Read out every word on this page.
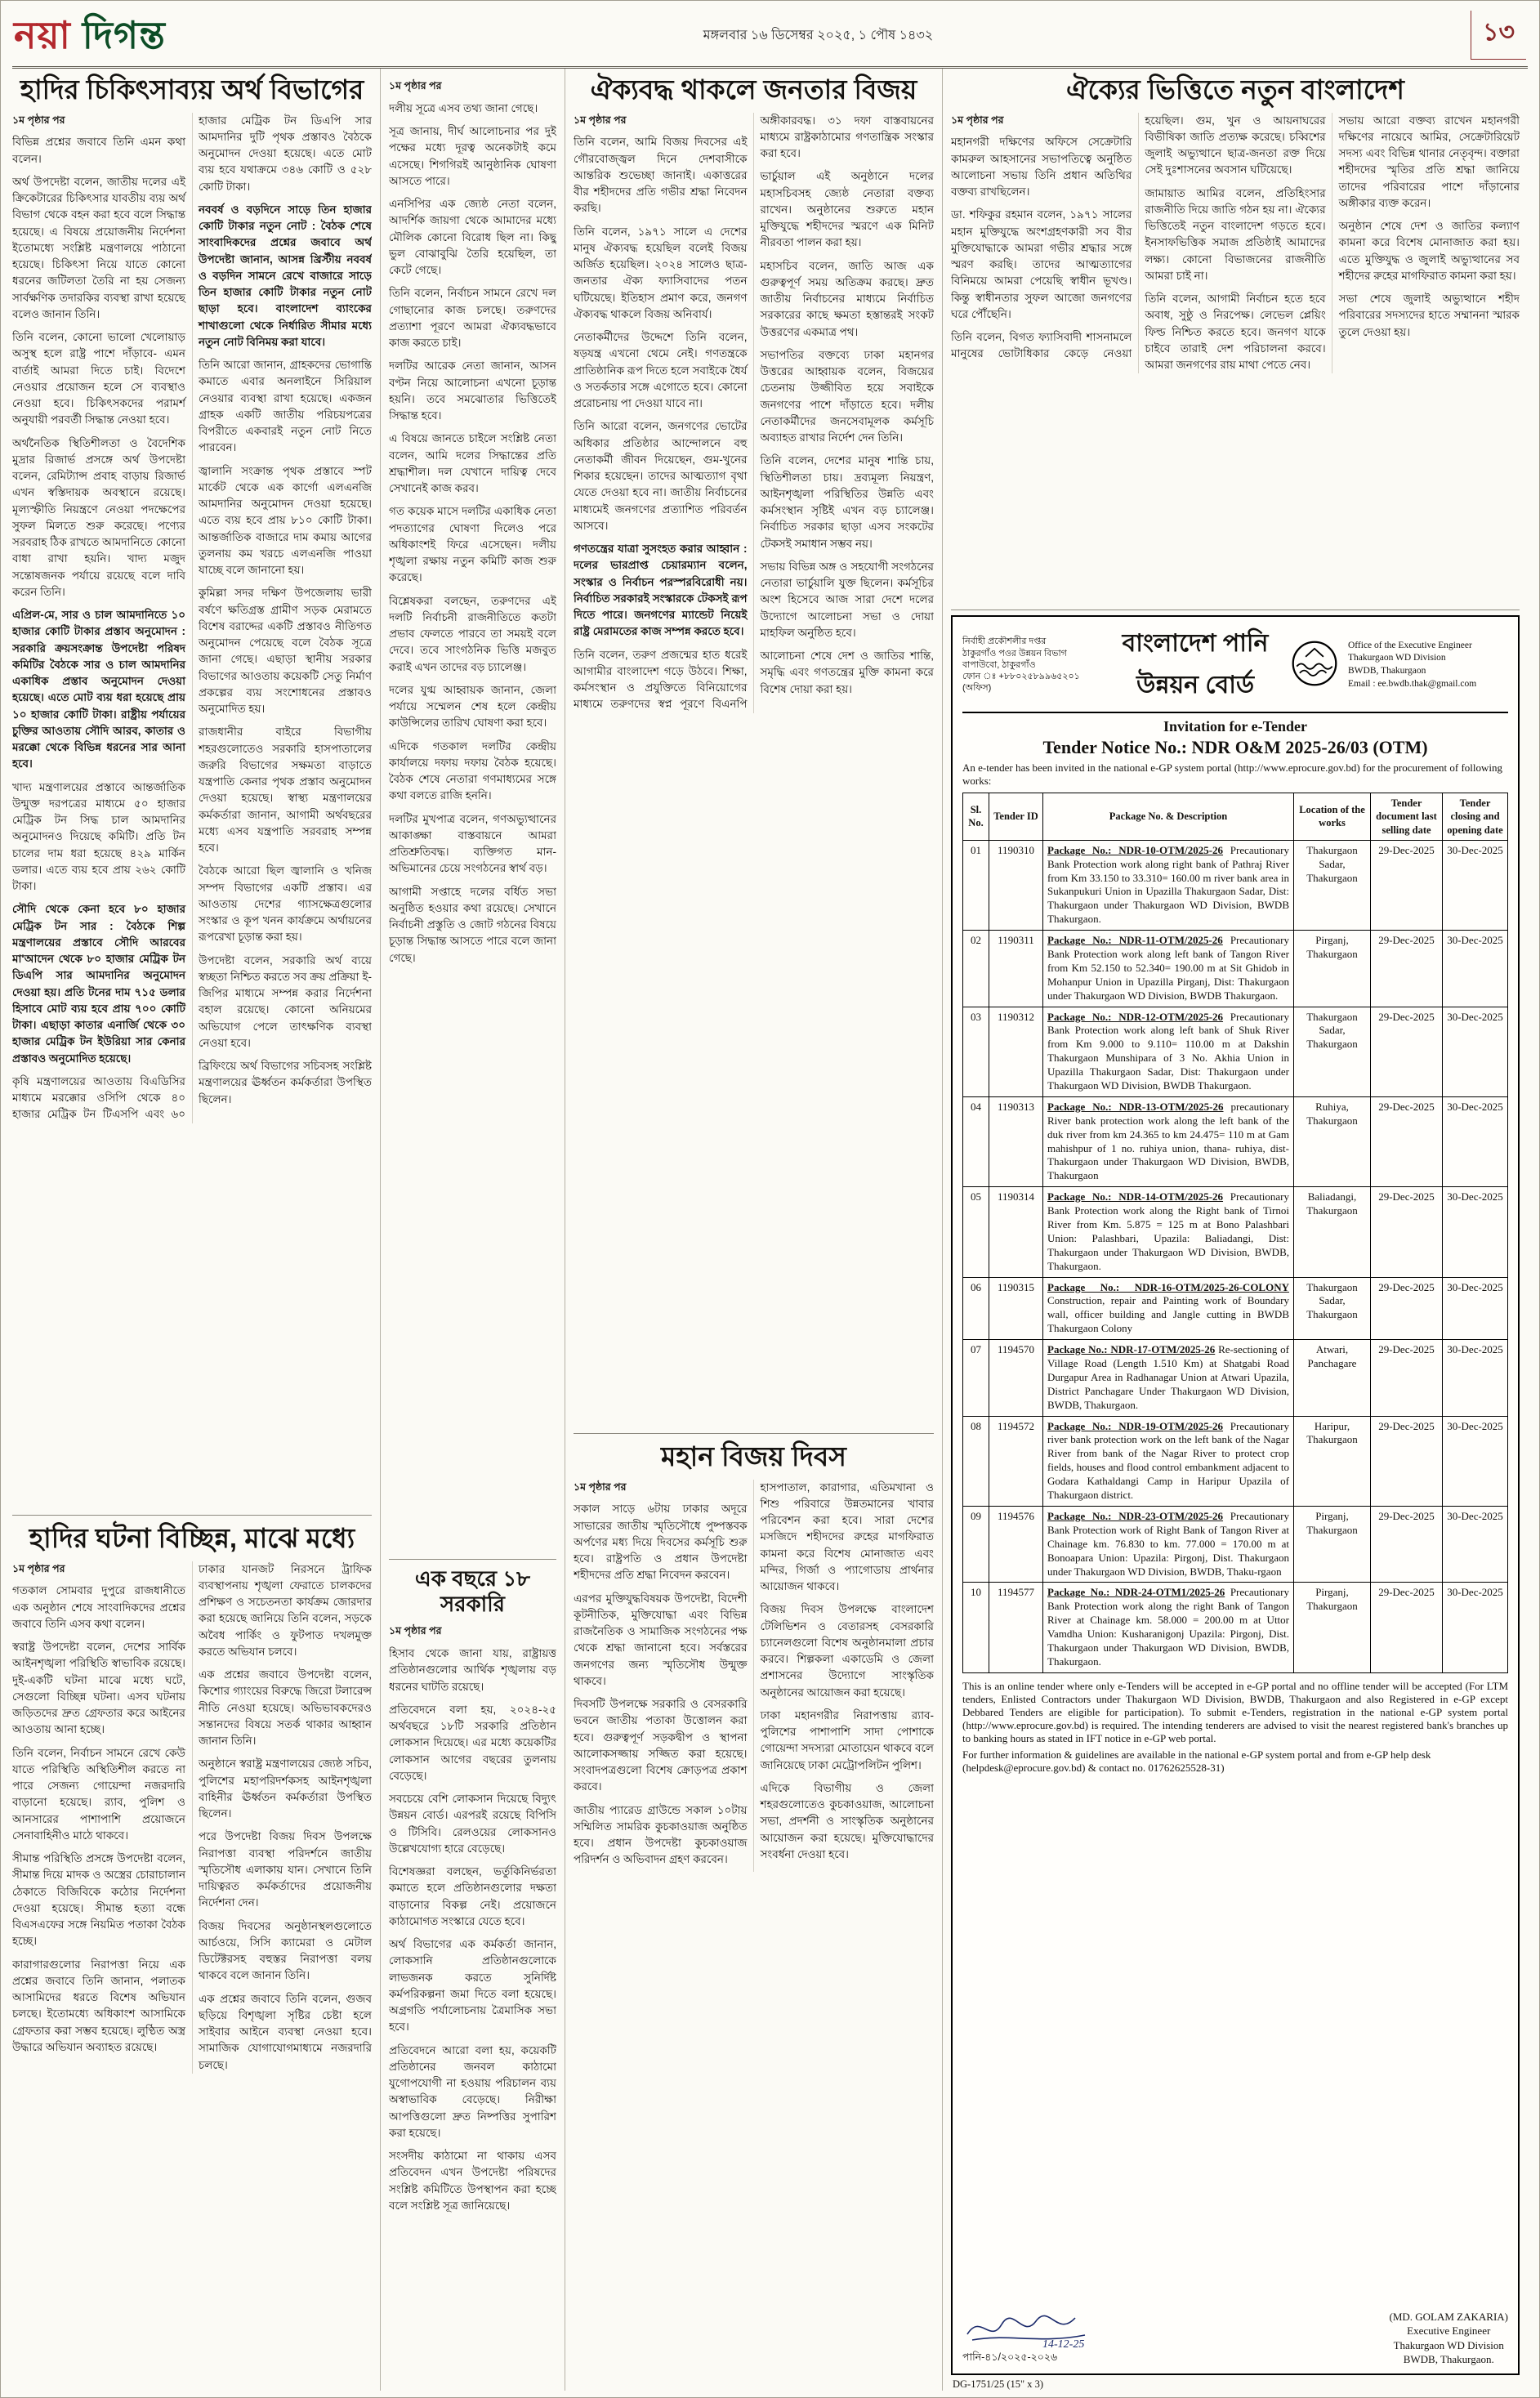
নয়া দিগন্ত	মঙ্গলবার ১৬ ডিসেম্বর ২০২৫, ১ পৌষ ১৪৩২	১৩
হাদির চিকিৎসাব্যয় অর্থ বিভাগের

১ম পৃষ্ঠার পর

বিভিন্ন প্রশ্নের জবাবে তিনি এমন কথা বলেন।

অর্থ উপদেষ্টা বলেন, জাতীয় দলের এই ক্রিকেটারের চিকিৎসার যাবতীয় ব্যয় অর্থ বিভাগ থেকে বহন করা হবে বলে সিদ্ধান্ত হয়েছে। এ বিষয়ে প্রয়োজনীয় নির্দেশনা ইতোমধ্যে সংশ্লিষ্ট মন্ত্রণালয়ে পাঠানো হয়েছে। চিকিৎসা নিয়ে যাতে কোনো ধরনের জটিলতা তৈরি না হয় সেজন্য সার্বক্ষণিক তদারকির ব্যবস্থা রাখা হয়েছে বলেও জানান তিনি।

তিনি বলেন, কোনো ভালো খেলোয়াড় অসুস্থ হলে রাষ্ট্র পাশে দাঁড়াবে- এমন বার্তাই আমরা দিতে চাই। বিদেশে নেওয়ার প্রয়োজন হলে সে ব্যবস্থাও নেওয়া হবে। চিকিৎসকদের পরামর্শ অনুযায়ী পরবর্তী সিদ্ধান্ত নেওয়া হবে।

অর্থনৈতিক স্থিতিশীলতা ও বৈদেশিক মুদ্রার রিজার্ভ প্রসঙ্গে অর্থ উপদেষ্টা বলেন, রেমিট্যান্স প্রবাহ বাড়ায় রিজার্ভ এখন স্বস্তিদায়ক অবস্থানে রয়েছে। মূল্যস্ফীতি নিয়ন্ত্রণে নেওয়া পদক্ষেপের সুফল মিলতে শুরু করেছে। পণ্যের সরবরাহ ঠিক রাখতে আমদানিতে কোনো বাধা রাখা হয়নি। খাদ্য মজুদ সন্তোষজনক পর্যায়ে রয়েছে বলে দাবি করেন তিনি।

এপ্রিল-মে, সার ও চাল আমদানিতে ১০ হাজার কোটি টাকার প্রস্তাব অনুমোদন : সরকারি ক্রয়সংক্রান্ত উপদেষ্টা পরিষদ কমিটির বৈঠকে সার ও চাল আমদানির একাধিক প্রস্তাব অনুমোদন দেওয়া হয়েছে। এতে মোট ব্যয় ধরা হয়েছে প্রায় ১০ হাজার কোটি টাকা। রাষ্ট্রীয় পর্যায়ের চুক্তির আওতায় সৌদি আরব, কাতার ও মরক্কো থেকে বিভিন্ন ধরনের সার আনা হবে।

খাদ্য মন্ত্রণালয়ের প্রস্তাবে আন্তর্জাতিক উন্মুক্ত দরপত্রের মাধ্যমে ৫০ হাজার মেট্রিক টন সিদ্ধ চাল আমদানির অনুমোদনও দিয়েছে কমিটি। প্রতি টন চালের দাম ধরা হয়েছে ৪২৯ মার্কিন ডলার। এতে ব্যয় হবে প্রায় ২৬২ কোটি টাকা।

সৌদি থেকে কেনা হবে ৮০ হাজার মেট্রিক টন সার : বৈঠকে শিল্প মন্ত্রণালয়ের প্রস্তাবে সৌদি আরবের মা'আদেন থেকে ৮০ হাজার মেট্রিক টন ডিএপি সার আমদানির অনুমোদন দেওয়া হয়। প্রতি টনের দাম ৭১৫ ডলার হিসাবে মোট ব্যয় হবে প্রায় ৭০০ কোটি টাকা। এছাড়া কাতার এনার্জি থেকে ৩০ হাজার মেট্রিক টন ইউরিয়া সার কেনার প্রস্তাবও অনুমোদিত হয়েছে।

কৃষি মন্ত্রণালয়ের আওতায় বিএডিসির মাধ্যমে মরক্কোর ওসিপি থেকে ৪০ হাজার মেট্রিক টন টিএসপি এবং ৬০ হাজার মেট্রিক টন ডিএপি সার আমদানির দুটি পৃথক প্রস্তাবও বৈঠকে অনুমোদন দেওয়া হয়েছে। এতে মোট ব্যয় হবে যথাক্রমে ৩৪৬ কোটি ও ৫২৮ কোটি টাকা।

নববর্ষ ও বড়দিনে সাড়ে তিন হাজার কোটি টাকার নতুন নোট : বৈঠক শেষে সাংবাদিকদের প্রশ্নের জবাবে অর্থ উপদেষ্টা জানান, আসন্ন খ্রিস্টীয় নববর্ষ ও বড়দিন সামনে রেখে বাজারে সাড়ে তিন হাজার কোটি টাকার নতুন নোট ছাড়া হবে। বাংলাদেশ ব্যাংকের শাখাগুলো থেকে নির্ধারিত সীমার মধ্যে নতুন নোট বিনিময় করা যাবে।

তিনি আরো জানান, গ্রাহকদের ভোগান্তি কমাতে এবার অনলাইনে সিরিয়াল নেওয়ার ব্যবস্থা রাখা হয়েছে। একজন গ্রাহক একটি জাতীয় পরিচয়পত্রের বিপরীতে একবারই নতুন নোট নিতে পারবেন।

জ্বালানি সংক্রান্ত পৃথক প্রস্তাবে স্পট মার্কেট থেকে এক কার্গো এলএনজি আমদানির অনুমোদন দেওয়া হয়েছে। এতে ব্যয় হবে প্রায় ৮১০ কোটি টাকা। আন্তর্জাতিক বাজারে দাম কমায় আগের তুলনায় কম খরচে এলএনজি পাওয়া যাচ্ছে বলে জানানো হয়।

কুমিল্লা সদর দক্ষিণ উপজেলায় ভারী বর্ষণে ক্ষতিগ্রস্ত গ্রামীণ সড়ক মেরামতে বিশেষ বরাদ্দের একটি প্রস্তাবও নীতিগত অনুমোদন পেয়েছে বলে বৈঠক সূত্রে জানা গেছে। এছাড়া স্থানীয় সরকার বিভাগের আওতায় কয়েকটি সেতু নির্মাণ প্রকল্পের ব্যয় সংশোধনের প্রস্তাবও অনুমোদিত হয়।

রাজধানীর বাইরে বিভাগীয় শহরগুলোতেও সরকারি হাসপাতালের জরুরি বিভাগের সক্ষমতা বাড়াতে যন্ত্রপাতি কেনার পৃথক প্রস্তাব অনুমোদন দেওয়া হয়েছে। স্বাস্থ্য মন্ত্রণালয়ের কর্মকর্তারা জানান, আগামী অর্থবছরের মধ্যে এসব যন্ত্রপাতি সরবরাহ সম্পন্ন হবে।

বৈঠকে আরো ছিল জ্বালানি ও খনিজ সম্পদ বিভাগের একটি প্রস্তাব। এর আওতায় দেশের গ্যাসক্ষেত্রগুলোর সংস্কার ও কূপ খনন কার্যক্রমে অর্থায়নের রূপরেখা চূড়ান্ত করা হয়।

উপদেষ্টা বলেন, সরকারি অর্থ ব্যয়ে স্বচ্ছতা নিশ্চিত করতে সব ক্রয় প্রক্রিয়া ই-জিপির মাধ্যমে সম্পন্ন করার নির্দেশনা বহাল রয়েছে। কোনো অনিয়মের অভিযোগ পেলে তাৎক্ষণিক ব্যবস্থা নেওয়া হবে।

ব্রিফিংয়ে অর্থ বিভাগের সচিবসহ সংশ্লিষ্ট মন্ত্রণালয়ের ঊর্ধ্বতন কর্মকর্তারা উপস্থিত ছিলেন।

হাদির ঘটনা বিচ্ছিন্ন, মাঝে মধ্যে

১ম পৃষ্ঠার পর

গতকাল সোমবার দুপুরে রাজধানীতে এক অনুষ্ঠান শেষে সাংবাদিকদের প্রশ্নের জবাবে তিনি এসব কথা বলেন।

স্বরাষ্ট্র উপদেষ্টা বলেন, দেশের সার্বিক আইনশৃঙ্খলা পরিস্থিতি স্বাভাবিক রয়েছে। দুই-একটি ঘটনা মাঝে মধ্যে ঘটে, সেগুলো বিচ্ছিন্ন ঘটনা। এসব ঘটনায় জড়িতদের দ্রুত গ্রেফতার করে আইনের আওতায় আনা হচ্ছে।

তিনি বলেন, নির্বাচন সামনে রেখে কেউ যাতে পরিস্থিতি অস্থিতিশীল করতে না পারে সেজন্য গোয়েন্দা নজরদারি বাড়ানো হয়েছে। র‌্যাব, পুলিশ ও আনসারের পাশাপাশি প্রয়োজনে সেনাবাহিনীও মাঠে থাকবে।

সীমান্ত পরিস্থিতি প্রসঙ্গে উপদেষ্টা বলেন, সীমান্ত দিয়ে মাদক ও অস্ত্রের চোরাচালান ঠেকাতে বিজিবিকে কঠোর নির্দেশনা দেওয়া হয়েছে। সীমান্ত হত্যা বন্ধে বিএসএফের সঙ্গে নিয়মিত পতাকা বৈঠক হচ্ছে।

কারাগারগুলোর নিরাপত্তা নিয়ে এক প্রশ্নের জবাবে তিনি জানান, পলাতক আসামিদের ধরতে বিশেষ অভিযান চলছে। ইতোমধ্যে অধিকাংশ আসামিকে গ্রেফতার করা সম্ভব হয়েছে। লুণ্ঠিত অস্ত্র উদ্ধারে অভিযান অব্যাহত রয়েছে।

ঢাকার যানজট নিরসনে ট্রাফিক ব্যবস্থাপনায় শৃঙ্খলা ফেরাতে চালকদের প্রশিক্ষণ ও সচেতনতা কার্যক্রম জোরদার করা হয়েছে জানিয়ে তিনি বলেন, সড়কে অবৈধ পার্কিং ও ফুটপাত দখলমুক্ত করতে অভিযান চলবে।

এক প্রশ্নের জবাবে উপদেষ্টা বলেন, কিশোর গ্যাংয়ের বিরুদ্ধে জিরো টলারেন্স নীতি নেওয়া হয়েছে। অভিভাবকদেরও সন্তানদের বিষয়ে সতর্ক থাকার আহ্বান জানান তিনি।

অনুষ্ঠানে স্বরাষ্ট্র মন্ত্রণালয়ের জ্যেষ্ঠ সচিব, পুলিশের মহাপরিদর্শকসহ আইনশৃঙ্খলা বাহিনীর ঊর্ধ্বতন কর্মকর্তারা উপস্থিত ছিলেন।

পরে উপদেষ্টা বিজয় দিবস উপলক্ষে নিরাপত্তা ব্যবস্থা পরিদর্শনে জাতীয় স্মৃতিসৌধ এলাকায় যান। সেখানে তিনি দায়িত্বরত কর্মকর্তাদের প্রয়োজনীয় নির্দেশনা দেন।

বিজয় দিবসের অনুষ্ঠানস্থলগুলোতে আর্চওয়ে, সিসি ক্যামেরা ও মেটাল ডিটেক্টরসহ বহুস্তর নিরাপত্তা বলয় থাকবে বলে জানান তিনি।

এক প্রশ্নের জবাবে তিনি বলেন, গুজব ছড়িয়ে বিশৃঙ্খলা সৃষ্টির চেষ্টা হলে সাইবার আইনে ব্যবস্থা নেওয়া হবে। সামাজিক যোগাযোগমাধ্যমে নজরদারি চলছে।

১ম পৃষ্ঠার পর

দলীয় সূত্রে এসব তথ্য জানা গেছে।

সূত্র জানায়, দীর্ঘ আলোচনার পর দুই পক্ষের মধ্যে দূরত্ব অনেকটাই কমে এসেছে। শিগগিরই আনুষ্ঠানিক ঘোষণা আসতে পারে।

এনসিপির এক জ্যেষ্ঠ নেতা বলেন, আদর্শিক জায়গা থেকে আমাদের মধ্যে মৌলিক কোনো বিরোধ ছিল না। কিছু ভুল বোঝাবুঝি তৈরি হয়েছিল, তা কেটে গেছে।

তিনি বলেন, নির্বাচন সামনে রেখে দল গোছানোর কাজ চলছে। তরুণদের প্রত্যাশা পূরণে আমরা ঐক্যবদ্ধভাবে কাজ করতে চাই।

দলটির আরেক নেতা জানান, আসন বণ্টন নিয়ে আলোচনা এখনো চূড়ান্ত হয়নি। তবে সমঝোতার ভিত্তিতেই সিদ্ধান্ত হবে।

এ বিষয়ে জানতে চাইলে সংশ্লিষ্ট নেতা বলেন, আমি দলের সিদ্ধান্তের প্রতি শ্রদ্ধাশীল। দল যেখানে দায়িত্ব দেবে সেখানেই কাজ করব।

গত কয়েক মাসে দলটির একাধিক নেতা পদত্যাগের ঘোষণা দিলেও পরে অধিকাংশই ফিরে এসেছেন। দলীয় শৃঙ্খলা রক্ষায় নতুন কমিটি কাজ শুরু করেছে।

বিশ্লেষকরা বলছেন, তরুণদের এই দলটি নির্বাচনী রাজনীতিতে কতটা প্রভাব ফেলতে পারবে তা সময়ই বলে দেবে। তবে সাংগঠনিক ভিত্তি মজবুত করাই এখন তাদের বড় চ্যালেঞ্জ।

দলের যুগ্ম আহ্বায়ক জানান, জেলা পর্যায়ে সম্মেলন শেষ হলে কেন্দ্রীয় কাউন্সিলের তারিখ ঘোষণা করা হবে।

এদিকে গতকাল দলটির কেন্দ্রীয় কার্যালয়ে দফায় দফায় বৈঠক হয়েছে। বৈঠক শেষে নেতারা গণমাধ্যমের সঙ্গে কথা বলতে রাজি হননি।

দলটির মুখপাত্র বলেন, গণঅভ্যুত্থানের আকাঙ্ক্ষা বাস্তবায়নে আমরা প্রতিশ্রুতিবদ্ধ। ব্যক্তিগত মান-অভিমানের চেয়ে সংগঠনের স্বার্থ বড়।

আগামী সপ্তাহে দলের বর্ধিত সভা অনুষ্ঠিত হওয়ার কথা রয়েছে। সেখানে নির্বাচনী প্রস্তুতি ও জোট গঠনের বিষয়ে চূড়ান্ত সিদ্ধান্ত আসতে পারে বলে জানা গেছে।

এক বছরে ১৮ সরকারি

১ম পৃষ্ঠার পর

হিসাব থেকে জানা যায়, রাষ্ট্রায়ত্ত প্রতিষ্ঠানগুলোর আর্থিক শৃঙ্খলায় বড় ধরনের ঘাটতি রয়েছে।

প্রতিবেদনে বলা হয়, ২০২৪-২৫ অর্থবছরে ১৮টি সরকারি প্রতিষ্ঠান লোকসান দিয়েছে। এর মধ্যে কয়েকটির লোকসান আগের বছরের তুলনায় বেড়েছে।

সবচেয়ে বেশি লোকসান দিয়েছে বিদ্যুৎ উন্নয়ন বোর্ড। এরপরই রয়েছে বিপিসি ও টিসিবি। রেলওয়ের লোকসানও উল্লেখযোগ্য হারে বেড়েছে।

বিশেষজ্ঞরা বলছেন, ভর্তুকিনির্ভরতা কমাতে হলে প্রতিষ্ঠানগুলোর দক্ষতা বাড়ানোর বিকল্প নেই। প্রয়োজনে কাঠামোগত সংস্কারে যেতে হবে।

অর্থ বিভাগের এক কর্মকর্তা জানান, লোকসানি প্রতিষ্ঠানগুলোকে লাভজনক করতে সুনির্দিষ্ট কর্মপরিকল্পনা জমা দিতে বলা হয়েছে। অগ্রগতি পর্যালোচনায় ত্রৈমাসিক সভা হবে।

প্রতিবেদনে আরো বলা হয়, কয়েকটি প্রতিষ্ঠানের জনবল কাঠামো যুগোপযোগী না হওয়ায় পরিচালন ব্যয় অস্বাভাবিক বেড়েছে। নিরীক্ষা আপত্তিগুলো দ্রুত নিষ্পত্তির সুপারিশ করা হয়েছে।

সংসদীয় কাঠামো না থাকায় এসব প্রতিবেদন এখন উপদেষ্টা পরিষদের সংশ্লিষ্ট কমিটিতে উপস্থাপন করা হচ্ছে বলে সংশ্লিষ্ট সূত্র জানিয়েছে।

ঐক্যবদ্ধ থাকলে জনতার বিজয়

১ম পৃষ্ঠার পর

তিনি বলেন, আমি বিজয় দিবসের এই গৌরবোজ্জ্বল দিনে দেশবাসীকে আন্তরিক শুভেচ্ছা জানাই। একাত্তরের বীর শহীদদের প্রতি গভীর শ্রদ্ধা নিবেদন করছি।

তিনি বলেন, ১৯৭১ সালে এ দেশের মানুষ ঐক্যবদ্ধ হয়েছিল বলেই বিজয় অর্জিত হয়েছিল। ২০২৪ সালেও ছাত্র-জনতার ঐক্য ফ্যাসিবাদের পতন ঘটিয়েছে। ইতিহাস প্রমাণ করে, জনগণ ঐক্যবদ্ধ থাকলে বিজয় অনিবার্য।

নেতাকর্মীদের উদ্দেশে তিনি বলেন, ষড়যন্ত্র এখনো থেমে নেই। গণতন্ত্রকে প্রাতিষ্ঠানিক রূপ দিতে হলে সবাইকে ধৈর্য ও সতর্কতার সঙ্গে এগোতে হবে। কোনো প্ররোচনায় পা দেওয়া যাবে না।

তিনি আরো বলেন, জনগণের ভোটের অধিকার প্রতিষ্ঠার আন্দোলনে বহু নেতাকর্মী জীবন দিয়েছেন, গুম-খুনের শিকার হয়েছেন। তাদের আত্মত্যাগ বৃথা যেতে দেওয়া হবে না। জাতীয় নির্বাচনের মাধ্যমেই জনগণের প্রত্যাশিত পরিবর্তন আসবে।

গণতন্ত্রের যাত্রা সুসংহত করার আহ্বান : দলের ভারপ্রাপ্ত চেয়ারম্যান বলেন, সংস্কার ও নির্বাচন পরস্পরবিরোধী নয়। নির্বাচিত সরকারই সংস্কারকে টেকসই রূপ দিতে পারে। জনগণের ম্যান্ডেট নিয়েই রাষ্ট্র মেরামতের কাজ সম্পন্ন করতে হবে।

তিনি বলেন, তরুণ প্রজন্মের হাত ধরেই আগামীর বাংলাদেশ গড়ে উঠবে। শিক্ষা, কর্মসংস্থান ও প্রযুক্তিতে বিনিয়োগের মাধ্যমে তরুণদের স্বপ্ন পূরণে বিএনপি অঙ্গীকারবদ্ধ। ৩১ দফা বাস্তবায়নের মাধ্যমে রাষ্ট্রকাঠামোর গণতান্ত্রিক সংস্কার করা হবে।

ভার্চুয়াল এই অনুষ্ঠানে দলের মহাসচিবসহ জ্যেষ্ঠ নেতারা বক্তব্য রাখেন। অনুষ্ঠানের শুরুতে মহান মুক্তিযুদ্ধে শহীদদের স্মরণে এক মিনিট নীরবতা পালন করা হয়।

মহাসচিব বলেন, জাতি আজ এক গুরুত্বপূর্ণ সময় অতিক্রম করছে। দ্রুত জাতীয় নির্বাচনের মাধ্যমে নির্বাচিত সরকারের কাছে ক্ষমতা হস্তান্তরই সংকট উত্তরণের একমাত্র পথ।

সভাপতির বক্তব্যে ঢাকা মহানগর উত্তরের আহ্বায়ক বলেন, বিজয়ের চেতনায় উজ্জীবিত হয়ে সবাইকে জনগণের পাশে দাঁড়াতে হবে। দলীয় নেতাকর্মীদের জনসেবামূলক কর্মসূচি অব্যাহত রাখার নির্দেশ দেন তিনি।

তিনি বলেন, দেশের মানুষ শান্তি চায়, স্থিতিশীলতা চায়। দ্রব্যমূল্য নিয়ন্ত্রণ, আইনশৃঙ্খলা পরিস্থিতির উন্নতি এবং কর্মসংস্থান সৃষ্টিই এখন বড় চ্যালেঞ্জ। নির্বাচিত সরকার ছাড়া এসব সংকটের টেকসই সমাধান সম্ভব নয়।

সভায় বিভিন্ন অঙ্গ ও সহযোগী সংগঠনের নেতারা ভার্চুয়ালি যুক্ত ছিলেন। কর্মসূচির অংশ হিসেবে আজ সারা দেশে দলের উদ্যোগে আলোচনা সভা ও দোয়া মাহফিল অনুষ্ঠিত হবে।

আলোচনা শেষে দেশ ও জাতির শান্তি, সমৃদ্ধি এবং গণতন্ত্রের মুক্তি কামনা করে বিশেষ দোয়া করা হয়।

মহান বিজয় দিবস

১ম পৃষ্ঠার পর

সকাল সাড়ে ৬টায় ঢাকার অদূরে সাভারের জাতীয় স্মৃতিসৌধে পুষ্পস্তবক অর্পণের মধ্য দিয়ে দিবসের কর্মসূচি শুরু হবে। রাষ্ট্রপতি ও প্রধান উপদেষ্টা শহীদদের প্রতি শ্রদ্ধা নিবেদন করবেন।

এরপর মুক্তিযুদ্ধবিষয়ক উপদেষ্টা, বিদেশী কূটনীতিক, মুক্তিযোদ্ধা এবং বিভিন্ন রাজনৈতিক ও সামাজিক সংগঠনের পক্ষ থেকে শ্রদ্ধা জানানো হবে। সর্বস্তরের জনগণের জন্য স্মৃতিসৌধ উন্মুক্ত থাকবে।

দিবসটি উপলক্ষে সরকারি ও বেসরকারি ভবনে জাতীয় পতাকা উত্তোলন করা হবে। গুরুত্বপূর্ণ সড়কদ্বীপ ও স্থাপনা আলোকসজ্জায় সজ্জিত করা হয়েছে। সংবাদপত্রগুলো বিশেষ ক্রোড়পত্র প্রকাশ করবে।

জাতীয় প্যারেড গ্রাউন্ডে সকাল ১০টায় সম্মিলিত সামরিক কুচকাওয়াজ অনুষ্ঠিত হবে। প্রধান উপদেষ্টা কুচকাওয়াজ পরিদর্শন ও অভিবাদন গ্রহণ করবেন।

হাসপাতাল, কারাগার, এতিমখানা ও শিশু পরিবারে উন্নতমানের খাবার পরিবেশন করা হবে। সারা দেশের মসজিদে শহীদদের রুহের মাগফিরাত কামনা করে বিশেষ মোনাজাত এবং মন্দির, গির্জা ও প্যাগোডায় প্রার্থনার আয়োজন থাকবে।

বিজয় দিবস উপলক্ষে বাংলাদেশ টেলিভিশন ও বেতারসহ বেসরকারি চ্যানেলগুলো বিশেষ অনুষ্ঠানমালা প্রচার করবে। শিল্পকলা একাডেমি ও জেলা প্রশাসনের উদ্যোগে সাংস্কৃতিক অনুষ্ঠানের আয়োজন করা হয়েছে।

ঢাকা মহানগরীর নিরাপত্তায় র‌্যাব-পুলিশের পাশাপাশি সাদা পোশাকে গোয়েন্দা সদস্যরা মোতায়েন থাকবে বলে জানিয়েছে ঢাকা মেট্রোপলিটন পুলিশ।

এদিকে বিভাগীয় ও জেলা শহরগুলোতেও কুচকাওয়াজ, আলোচনা সভা, প্রদর্শনী ও সাংস্কৃতিক অনুষ্ঠানের আয়োজন করা হয়েছে। মুক্তিযোদ্ধাদের সংবর্ধনা দেওয়া হবে।

ঐক্যের ভিত্তিতে নতুন বাংলাদেশ

১ম পৃষ্ঠার পর

মহানগরী দক্ষিণের অফিসে সেক্রেটারি কামরুল আহসানের সভাপতিত্বে অনুষ্ঠিত আলোচনা সভায় তিনি প্রধান অতিথির বক্তব্য রাখছিলেন।

ডা. শফিকুর রহমান বলেন, ১৯৭১ সালের মহান মুক্তিযুদ্ধে অংশগ্রহণকারী সব বীর মুক্তিযোদ্ধাকে আমরা গভীর শ্রদ্ধার সঙ্গে স্মরণ করছি। তাদের আত্মত্যাগের বিনিময়ে আমরা পেয়েছি স্বাধীন ভূখণ্ড। কিন্তু স্বাধীনতার সুফল আজো জনগণের ঘরে পৌঁছেনি।

তিনি বলেন, বিগত ফ্যাসিবাদী শাসনামলে মানুষের ভোটাধিকার কেড়ে নেওয়া হয়েছিল। গুম, খুন ও আয়নাঘরের বিভীষিকা জাতি প্রত্যক্ষ করেছে। চব্বিশের জুলাই অভ্যুত্থানে ছাত্র-জনতা রক্ত দিয়ে সেই দুঃশাসনের অবসান ঘটিয়েছে।

জামায়াত আমির বলেন, প্রতিহিংসার রাজনীতি দিয়ে জাতি গঠন হয় না। ঐক্যের ভিত্তিতেই নতুন বাংলাদেশ গড়তে হবে। ইনসাফভিত্তিক সমাজ প্রতিষ্ঠাই আমাদের লক্ষ্য। কোনো বিভাজনের রাজনীতি আমরা চাই না।

তিনি বলেন, আগামী নির্বাচন হতে হবে অবাধ, সুষ্ঠু ও নিরপেক্ষ। লেভেল প্লেয়িং ফিল্ড নিশ্চিত করতে হবে। জনগণ যাকে চাইবে তারাই দেশ পরিচালনা করবে। আমরা জনগণের রায় মাথা পেতে নেব।

সভায় আরো বক্তব্য রাখেন মহানগরী দক্ষিণের নায়েবে আমির, সেক্রেটারিয়েট সদস্য এবং বিভিন্ন থানার নেতৃবৃন্দ। বক্তারা শহীদদের স্মৃতির প্রতি শ্রদ্ধা জানিয়ে তাদের পরিবারের পাশে দাঁড়ানোর অঙ্গীকার ব্যক্ত করেন।

অনুষ্ঠান শেষে দেশ ও জাতির কল্যাণ কামনা করে বিশেষ মোনাজাত করা হয়। এতে মুক্তিযুদ্ধ ও জুলাই অভ্যুত্থানের সব শহীদের রুহের মাগফিরাত কামনা করা হয়।

সভা শেষে জুলাই অভ্যুত্থানে শহীদ পরিবারের সদস্যদের হাতে সম্মাননা স্মারক তুলে দেওয়া হয়।

নির্বাহী প্রকৌশলীর দপ্তর
ঠাকুরগাঁও পওর উন্নয়ন বিভাগ
বাপাউবো, ঠাকুরগাঁও
ফোন ঃ +৮৮০২৫৮৯৯৬৫২০১ (অফিস)
বাংলাদেশ পানি উন্নয়ন বোর্ড
Office of the Executive Engineer
Thakurgaon WD Division
BWDB, Thakurgaon
Email : ee.bwdb.thak@gmail.com
Invitation for e-Tender
Tender Notice No.: NDR O&M 2025-26/03 (OTM)
An e-tender has been invited in the national e-GP system portal (http://www.eprocure.gov.bd) for the procurement of following works:
Sl. No.	Tender ID	Package No. & Description	Location of the works	Tender document last selling date	Tender closing and opening date
01	1190310	Package No.: NDR-10-OTM/2025-26 Precautionary Bank Protection work along right bank of Pathraj River from Km 33.150 to 33.310= 160.00 m river bank area in Sukanpukuri Union in Upazilla Thakurgaon Sadar, Dist: Thakurgaon under Thakurgaon WD Division, BWDB Thakurgaon.	Thakurgaon Sadar, Thakurgaon	29-Dec-2025	30-Dec-2025
02	1190311	Package No.: NDR-11-OTM/2025-26 Precautionary Bank Protection work along left bank of Tangon River from Km 52.150 to 52.340= 190.00 m at Sit Ghidob in Mohanpur Union in Upazilla Pirganj, Dist: Thakurgaon under Thakurgaon WD Division, BWDB Thakurgaon.	Pirganj, Thakurgaon	29-Dec-2025	30-Dec-2025
03	1190312	Package No.: NDR-12-OTM/2025-26 Precautionary Bank Protection work along left bank of Shuk River from Km 9.000 to 9.110= 110.00 m at Dakshin Thakurgaon Munshipara of 3 No. Akhia Union in Upazilla Thakurgaon Sadar, Dist: Thakurgaon under Thakurgaon WD Division, BWDB Thakurgaon.	Thakurgaon Sadar, Thakurgaon	29-Dec-2025	30-Dec-2025
04	1190313	Package No.: NDR-13-OTM/2025-26 precautionary River bank protection work along the left bank of the duk river from km 24.365 to km 24.475= 110 m at Gam mahishpur of 1 no. ruhiya union, thana- ruhiya, dist- Thakurgaon under Thakurgaon WD Division, BWDB, Thakurgaon	Ruhiya, Thakurgaon	29-Dec-2025	30-Dec-2025
05	1190314	Package No.: NDR-14-OTM/2025-26 Precautionary Bank Protection work along the Right bank of Tirnoi River from Km. 5.875 = 125 m at Bono Palashbari Union: Palashbari, Upazila: Baliadangi, Dist: Thakurgaon under Thakurgaon WD Division, BWDB, Thakurgaon.	Baliadangi, Thakurgaon	29-Dec-2025	30-Dec-2025
06	1190315	Package No.: NDR-16-OTM/2025-26-COLONY Construction, repair and Painting work of Boundary wall, officer building and Jangle cutting in BWDB Thakurgaon Colony	Thakurgaon Sadar, Thakurgaon	29-Dec-2025	30-Dec-2025
07	1194570	Package No.: NDR-17-OTM/2025-26 Re-sectioning of Village Road (Length 1.510 Km) at Shatgabi Road Durgapur Area in Radhanagar Union at Atwari Upazila, District Panchagare Under Thakurgaon WD Division, BWDB, Thakurgaon.	Atwari, Panchagare	29-Dec-2025	30-Dec-2025
08	1194572	Package No.: NDR-19-OTM/2025-26 Precautionary river bank protection work on the left bank of the Nagar River from bank of the Nagar River to protect crop fields, houses and flood control embankment adjacent to Godara Kathaldangi Camp in Haripur Upazila of Thakurgaon district.	Haripur, Thakurgaon	29-Dec-2025	30-Dec-2025
09	1194576	Package No.: NDR-23-OTM/2025-26 Precautionary Bank Protection work of Right Bank of Tangon River at Chainage km. 76.830 to km. 77.000 = 170.00 m at Bonoapara Union: Upazila: Pirgonj, Dist. Thakurgaon under Thakurgaon WD Division, BWDB, Thaku-rgaon	Pirganj, Thakurgaon	29-Dec-2025	30-Dec-2025
10	1194577	Package No.: NDR-24-OTM1/2025-26 Precautionary Bank Protection work along the right Bank of Tangon River at Chainage km. 58.000 = 200.00 m at Uttor Vamdha Union: Kusharanigonj Upazila: Pirgonj, Dist. Thakurgaon under Thakurgaon WD Division, BWDB, Thakurgaon.	Pirganj, Thakurgaon	29-Dec-2025	30-Dec-2025
This is an online tender where only e-Tenders will be accepted in e-GP portal and no offline tender will be accepted (For LTM tenders, Enlisted Contractors under Thakurgaon WD Division, BWDB, Thakurgaon and also Registered in e-GP except Debbared Tenders are eligible for participation). To submit e-Tenders, registration in the national e-GP system portal (http://www.eprocure.gov.bd) is required. The intending tenderers are advised to visit the nearest registered bank's branches up to banking hours as stated in IFT notice in e-GP web portal.
For further information & guidelines are available in the national e-GP system portal and from e-GP help desk (helpdesk@eprocure.gov.bd) & contact no. 01762625528-31)
14-12-25
পানি-৪১/২০২৫-২০২৬
(MD. GOLAM ZAKARIA)
Executive Engineer
Thakurgaon WD Division
BWDB, Thakurgaon.
DG-1751/25 (15" x 3)
